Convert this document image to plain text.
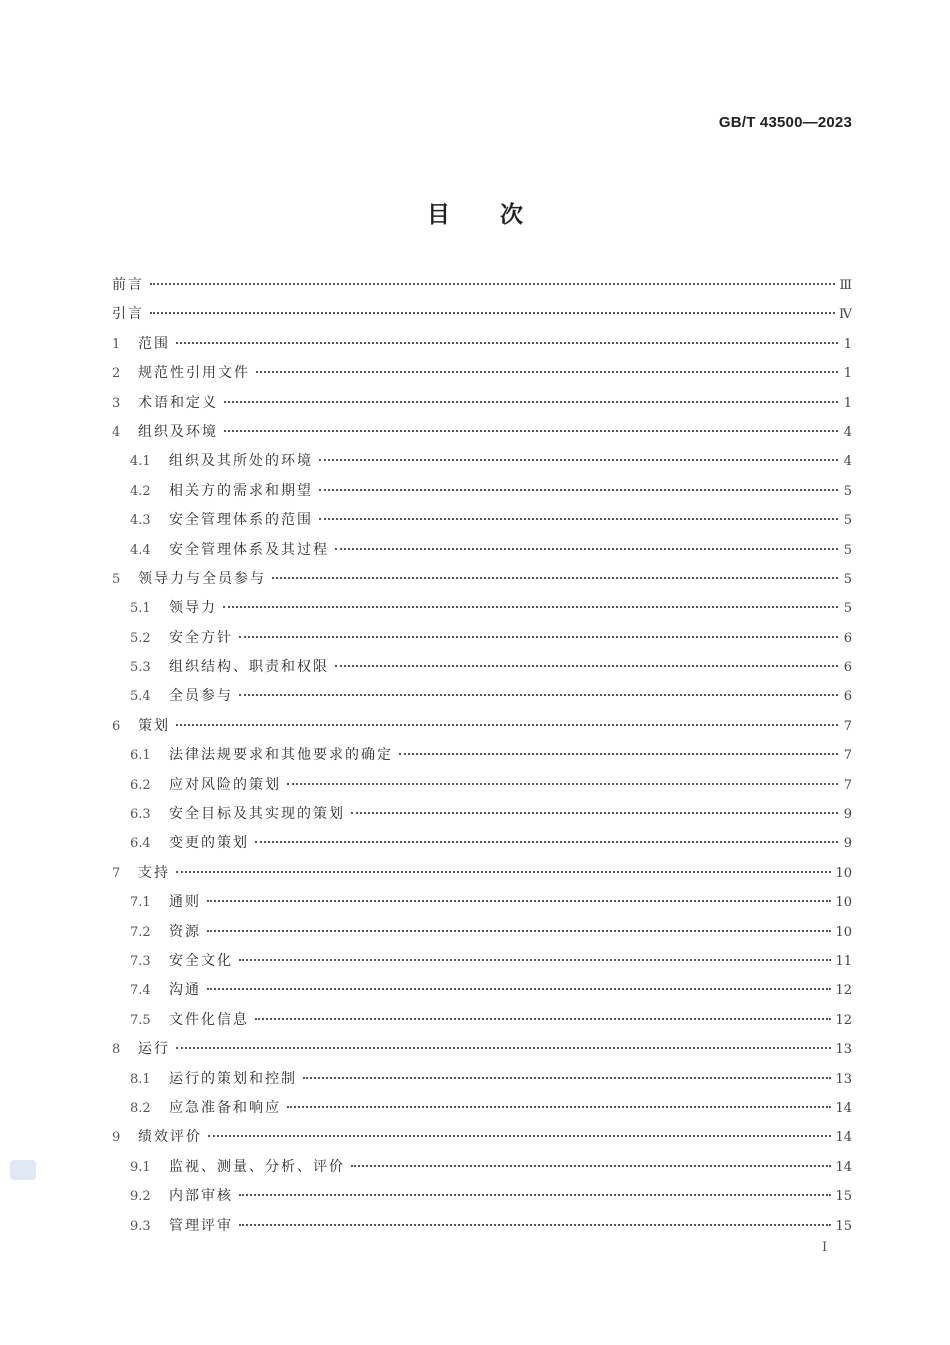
GB/T 43500—2023
目次
前言	Ⅲ
引言	Ⅳ
1	范围	1
2	规范性引用文件	1
3	术语和定义	1
4	组织及环境	4
4.1	组织及其所处的环境	4
4.2	相关方的需求和期望	5
4.3	安全管理体系的范围	5
4.4	安全管理体系及其过程	5
5	领导力与全员参与	5
5.1	领导力	5
5.2	安全方针	6
5.3	组织结构、职责和权限	6
5.4	全员参与	6
6	策划	7
6.1	法律法规要求和其他要求的确定	7
6.2	应对风险的策划	7
6.3	安全目标及其实现的策划	9
6.4	变更的策划	9
7	支持	10
7.1	通则	10
7.2	资源	10
7.3	安全文化	11
7.4	沟通	12
7.5	文件化信息	12
8	运行	13
8.1	运行的策划和控制	13
8.2	应急准备和响应	14
9	绩效评价	14
9.1	监视、测量、分析、评价	14
9.2	内部审核	15
9.3	管理评审	15
I
